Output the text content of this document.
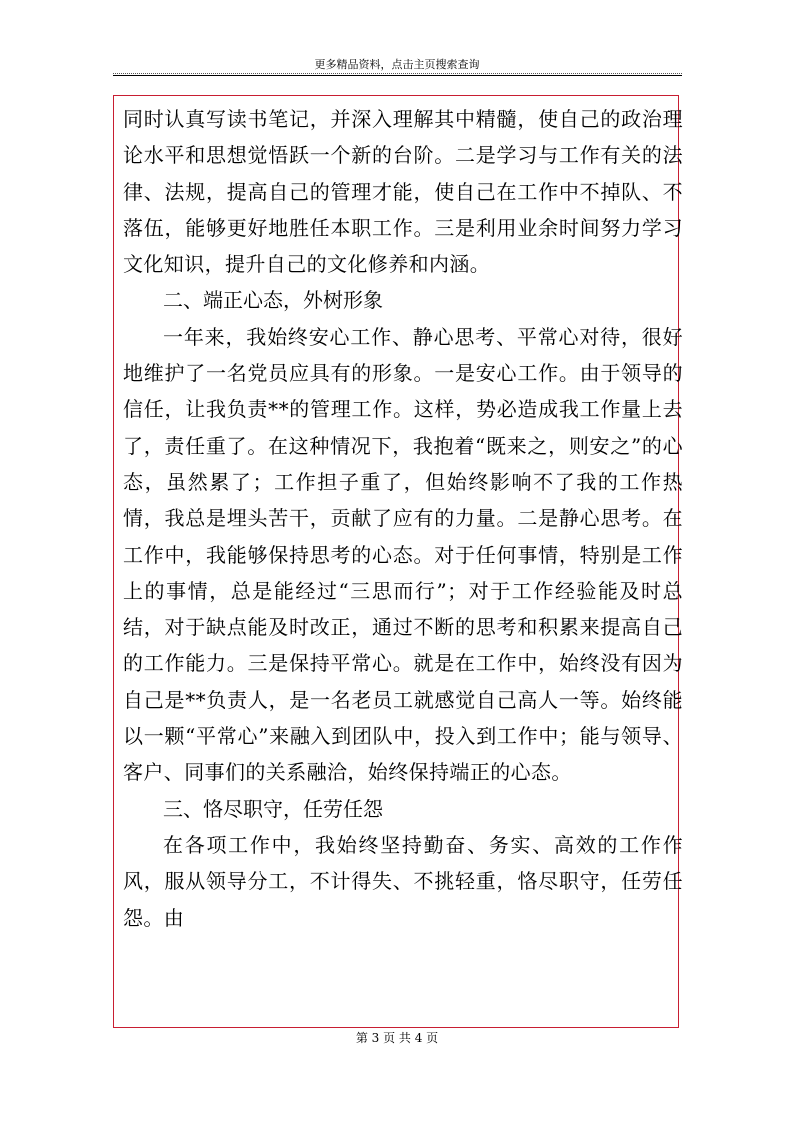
更多精品资料，点击主页搜索查询

同时认真写读书笔记，并深入理解其中精髓，使自己的政治理论水平和思想觉悟跃一个新的台阶。二是学习与工作有关的法律、法规，提高自己的管理才能，使自己在工作中不掉队、不落伍，能够更好地胜任本职工作。三是利用业余时间努力学习文化知识，提升自己的文化修养和内涵。

二、端正心态，外树形象

一年来，我始终安心工作、静心思考、平常心对待，很好地维护了一名党员应具有的形象。一是安心工作。由于领导的信任，让我负责**的管理工作。这样，势必造成我工作量上去了，责任重了。在这种情况下，我抱着“既来之，则安之”的心态，虽然累了；工作担子重了，但始终影响不了我的工作热情，我总是埋头苦干，贡献了应有的力量。二是静心思考。在工作中，我能够保持思考的心态。对于任何事情，特别是工作上的事情，总是能经过“三思而行”；对于工作经验能及时总结，对于缺点能及时改正，通过不断的思考和积累来提高自己的工作能力。三是保持平常心。就是在工作中，始终没有因为自己是**负责人，是一名老员工就感觉自己高人一等。始终能以一颗“平常心”来融入到团队中，投入到工作中；能与领导、客户、同事们的关系融洽，始终保持端正的心态。

三、恪尽职守，任劳任怨

在各项工作中，我始终坚持勤奋、务实、高效的工作作风，服从领导分工，不计得失、不挑轻重，恪尽职守，任劳任怨。由

第 3 页 共 4 页
